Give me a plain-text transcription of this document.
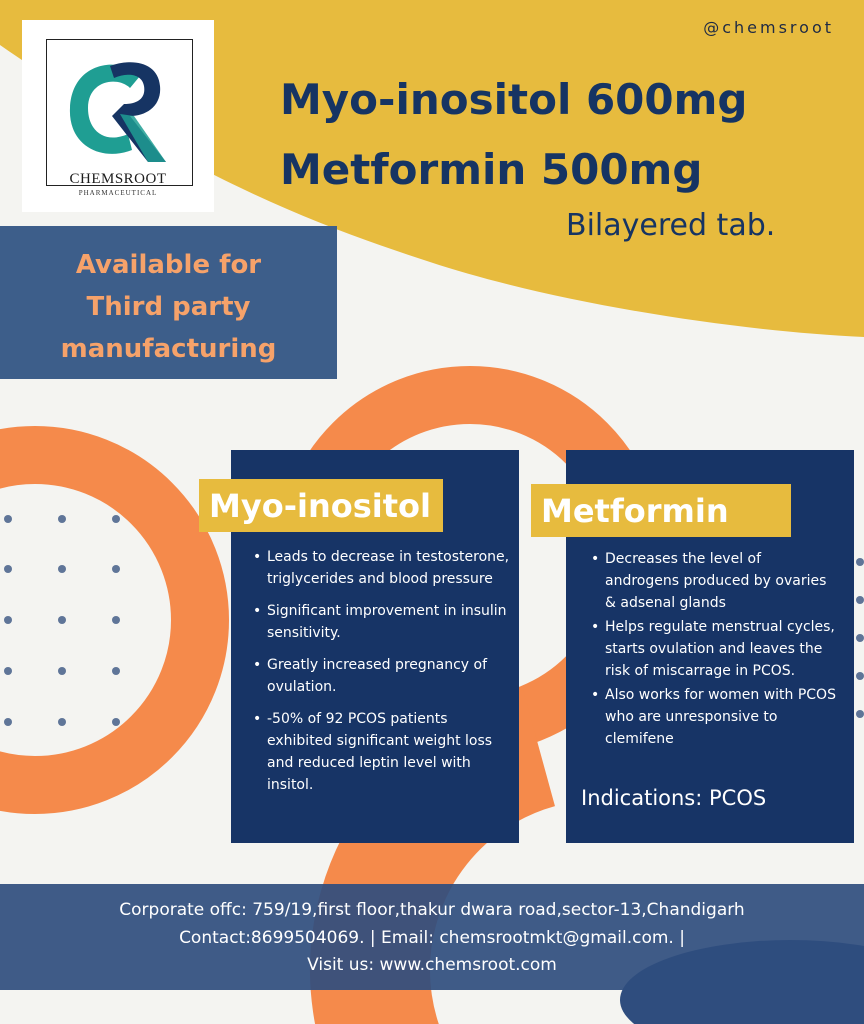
@chemsroot
CHEMSROOT
PHARMACEUTICAL
Myo-inositol 600mg
Metformin 500mg
Bilayered tab.
Available for
Third party
manufacturing
Myo-inositol	Metformin
• Leads to decrease in testosterone, triglycerides and blood pressure
• Significant improvement in insulin sensitivity.
• Greatly increased pregnancy of ovulation.
• -50% of 92 PCOS patients exhibited significant weight loss and reduced leptin level with insitol.
• Decreases the level of androgens produced by ovaries & adsenal glands
• Helps regulate menstrual cycles, starts ovulation and leaves the risk of miscarrage in PCOS.
• Also works for women with PCOS who are unresponsive to clemifene
Indications: PCOS
Corporate offc: 759/19,first floor,thakur dwara road,sector-13,Chandigarh
Contact:8699504069. | Email: chemsrootmkt@gmail.com. |
Visit us: www.chemsroot.com
